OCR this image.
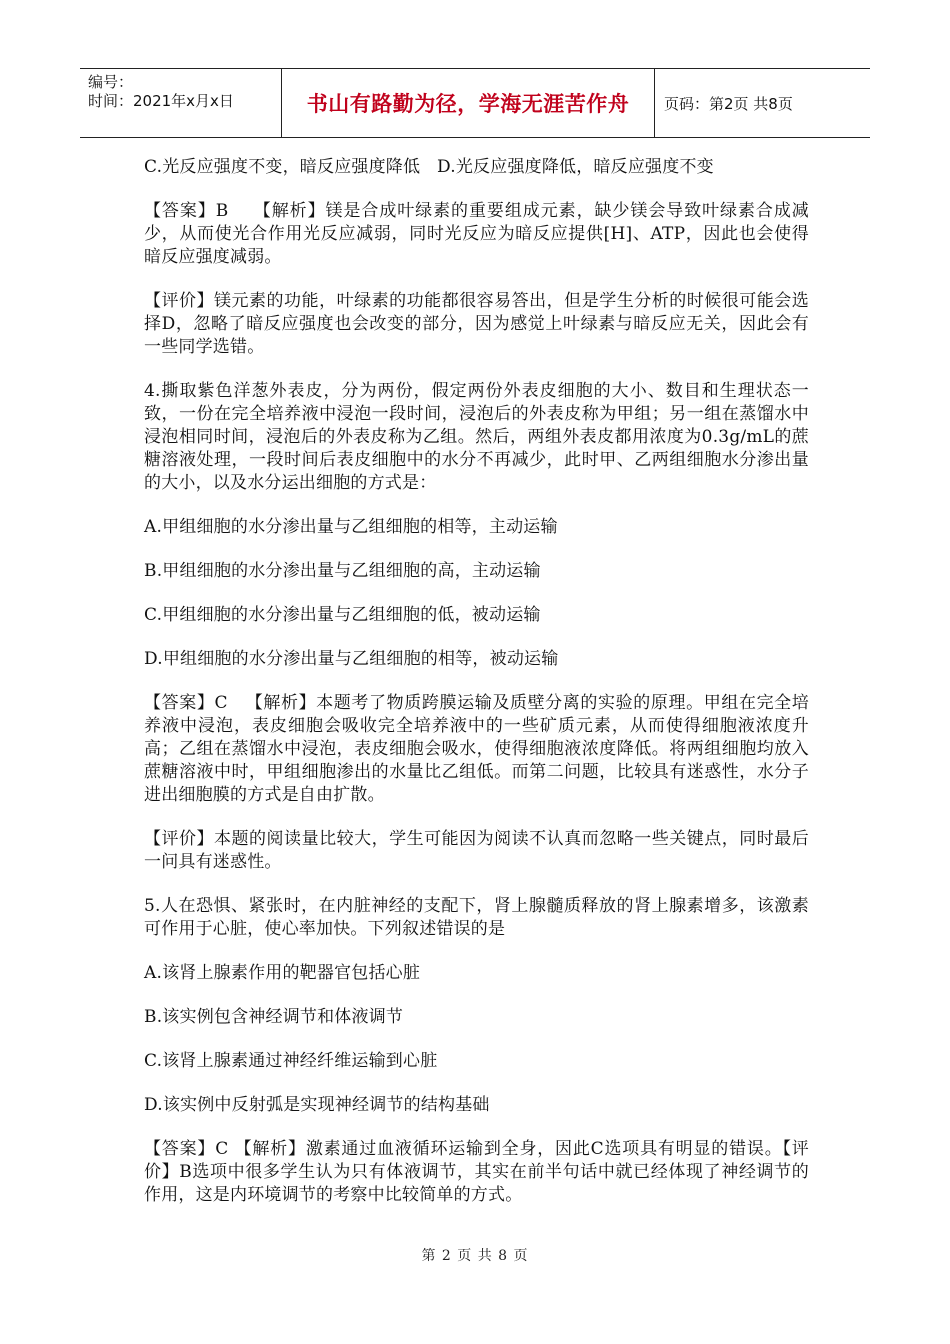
编号：
时间：2021年x月x日	书山有路勤为径，学海无涯苦作舟	页码：第2页 共8页

C.光反应强度不变，暗反应强度降低   D.光反应强度降低，暗反应强度不变

【答案】B    【解析】镁是合成叶绿素的重要组成元素，缺少镁会导致叶绿素合成减少，从而使光合作用光反应减弱，同时光反应为暗反应提供[H]、ATP，因此也会使得暗反应强度减弱。

【评价】镁元素的功能，叶绿素的功能都很容易答出，但是学生分析的时候很可能会选择D，忽略了暗反应强度也会改变的部分，因为感觉上叶绿素与暗反应无关，因此会有一些同学选错。

4.撕取紫色洋葱外表皮，分为两份，假定两份外表皮细胞的大小、数目和生理状态一致，一份在完全培养液中浸泡一段时间，浸泡后的外表皮称为甲组；另一组在蒸馏水中浸泡相同时间，浸泡后的外表皮称为乙组。然后，两组外表皮都用浓度为0.3g/mL的蔗糖溶液处理，一段时间后表皮细胞中的水分不再减少，此时甲、乙两组细胞水分渗出量的大小，以及水分运出细胞的方式是：

A.甲组细胞的水分渗出量与乙组细胞的相等，主动运输

B.甲组细胞的水分渗出量与乙组细胞的高，主动运输

C.甲组细胞的水分渗出量与乙组细胞的低，被动运输

D.甲组细胞的水分渗出量与乙组细胞的相等，被动运输

【答案】C   【解析】本题考了物质跨膜运输及质壁分离的实验的原理。甲组在完全培养液中浸泡，表皮细胞会吸收完全培养液中的一些矿质元素，从而使得细胞液浓度升高；乙组在蒸馏水中浸泡，表皮细胞会吸水，使得细胞液浓度降低。将两组细胞均放入蔗糖溶液中时，甲组细胞渗出的水量比乙组低。而第二问题，比较具有迷惑性，水分子进出细胞膜的方式是自由扩散。

【评价】本题的阅读量比较大，学生可能因为阅读不认真而忽略一些关键点，同时最后一问具有迷惑性。

5.人在恐惧、紧张时，在内脏神经的支配下，肾上腺髓质释放的肾上腺素增多，该激素可作用于心脏，使心率加快。下列叙述错误的是

A.该肾上腺素作用的靶器官包括心脏

B.该实例包含神经调节和体液调节

C.该肾上腺素通过神经纤维运输到心脏

D.该实例中反射弧是实现神经调节的结构基础

【答案】C 【解析】激素通过血液循环运输到全身，因此C选项具有明显的错误。【评价】B选项中很多学生认为只有体液调节，其实在前半句话中就已经体现了神经调节的作用，这是内环境调节的考察中比较简单的方式。

第 2 页 共 8 页
